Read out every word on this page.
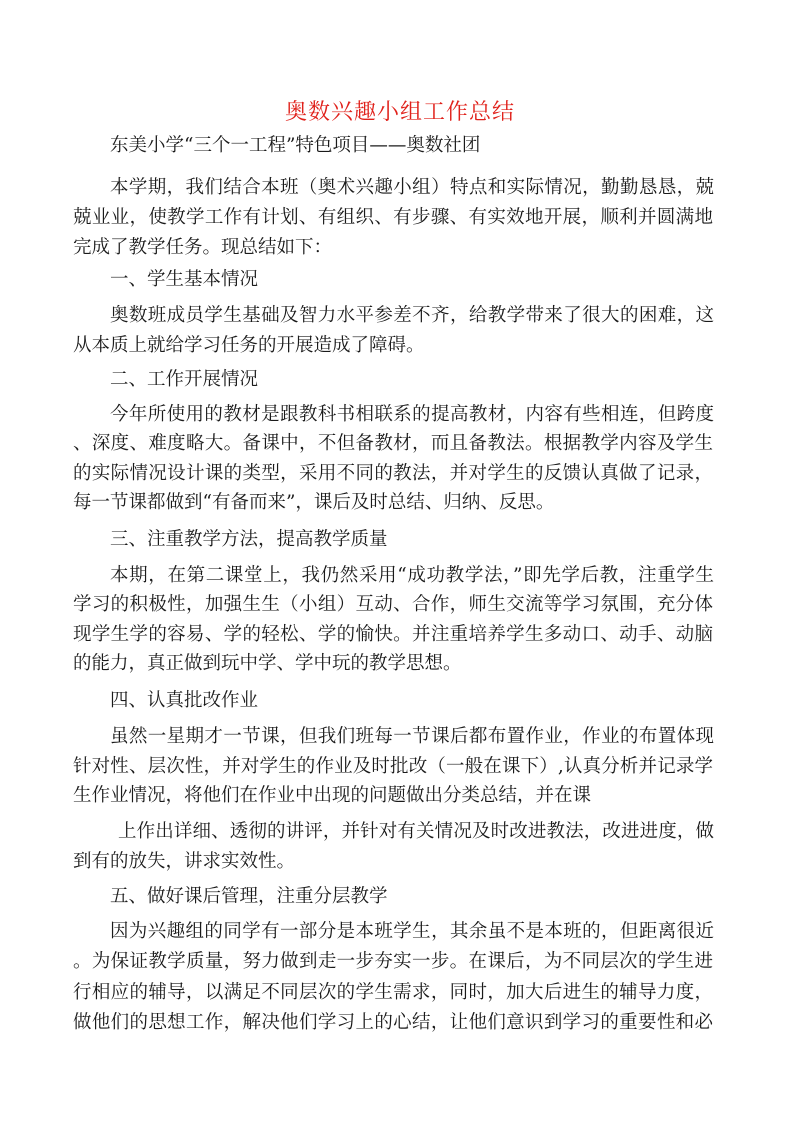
奥数兴趣小组工作总结
东美小学“三个一工程”特色项目——奥数社团
本学期，我们结合本班（奥术兴趣小组）特点和实际情况，勤勤恳恳，兢
兢业业，使教学工作有计划、有组织、有步骤、有实效地开展，顺利并圆满地
完成了教学任务。现总结如下：
一、学生基本情况
奥数班成员学生基础及智力水平参差不齐，给教学带来了很大的困难，这
从本质上就给学习任务的开展造成了障碍。
二、工作开展情况
今年所使用的教材是跟教科书相联系的提高教材，内容有些相连，但跨度
、深度、难度略大。备课中，不但备教材，而且备教法。根据教学内容及学生
的实际情况设计课的类型，采用不同的教法，并对学生的反馈认真做了记录，
每一节课都做到“有备而来”，课后及时总结、归纳、反思。
三、注重教学方法，提高教学质量
本期，在第二课堂上，我仍然采用“成功教学法，”即先学后教，注重学生
学习的积极性，加强生生（小组）互动、合作，师生交流等学习氛围，充分体
现学生学的容易、学的轻松、学的愉快。并注重培养学生多动口、动手、动脑
的能力，真正做到玩中学、学中玩的教学思想。
四、认真批改作业
虽然一星期才一节课，但我们班每一节课后都布置作业，作业的布置体现
针对性、层次性，并对学生的作业及时批改（一般在课下）,认真分析并记录学
生作业情况，将他们在作业中出现的问题做出分类总结，并在课
上作出详细、透彻的讲评，并针对有关情况及时改进教法，改进进度，做
到有的放失，讲求实效性。
五、做好课后管理，注重分层教学
因为兴趣组的同学有一部分是本班学生，其余虽不是本班的，但距离很近
。为保证教学质量，努力做到走一步夯实一步。在课后，为不同层次的学生进
行相应的辅导，以满足不同层次的学生需求，同时，加大后进生的辅导力度，
做他们的思想工作，解决他们学习上的心结，让他们意识到学习的重要性和必
